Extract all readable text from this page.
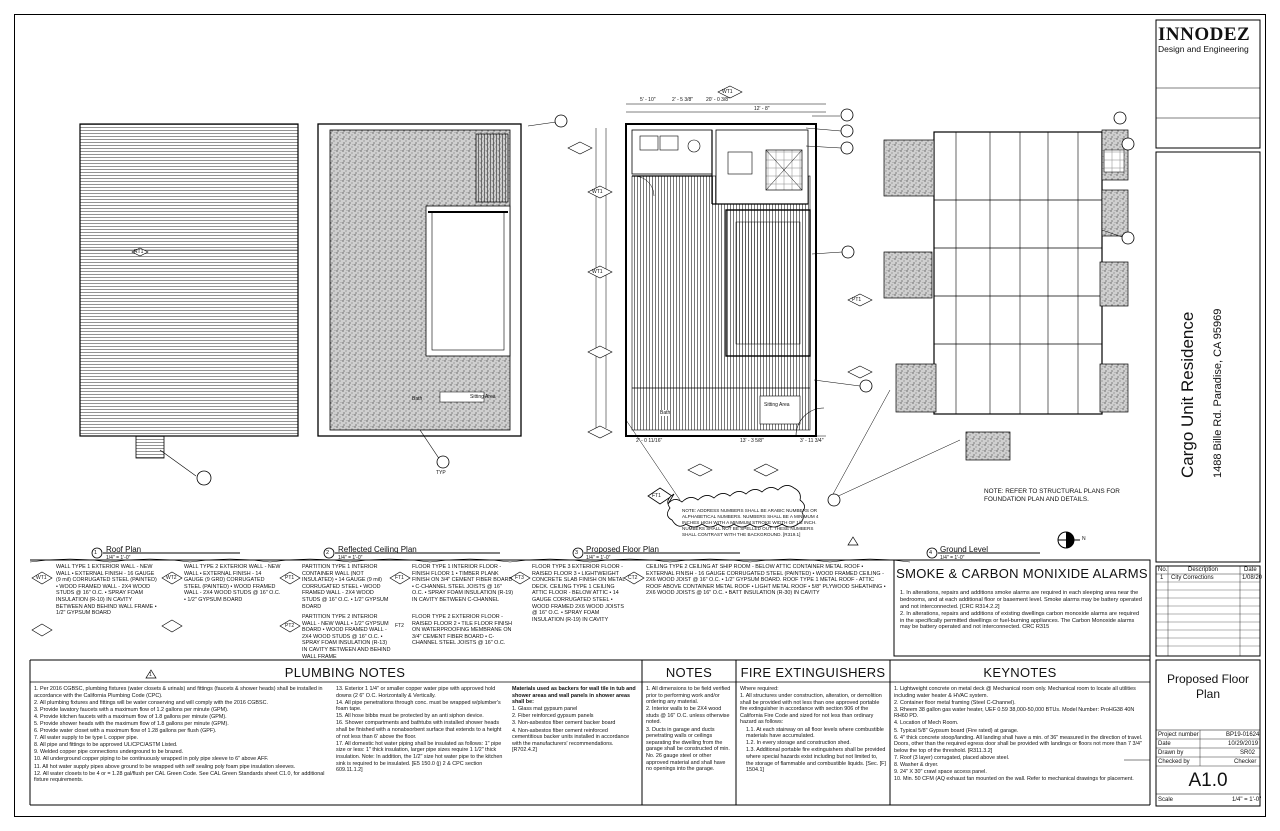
INNODEZ
Design and Engineering
Cargo Unit Residence 1488 Bille Rd. Paradise, CA 95969
No.	Description	Date
1 City Corrections	1/08/20
Proposed Floor Plan
Project number	BP19-01624
Date	10/29/2019
Drawn by	SR02
Checked by	Checker
A1.0
Scale	1/4" = 1'-0"
1 Roof Plan
1/4" = 1'-0"
2 Reflected Ceiling Plan
1/4" = 1'-0"
3 Proposed Floor Plan
1/4" = 1'-0"
4 Ground Level
1/4" = 1'-0"
RT1
Bath	Sitting Area
TYP
Bath
Sitting Area
WT1
WT1
PT1
FT1
WT1
5' - 10"	2' - 5 3/8"	20' - 0 3/8"
12' - 8"
2' - 0 11/16"	13' - 3 5/8"	3' - 11 3/4"
NOTE: ADDRESS NUMBERS SHALL BE ARABIC NUMBERS OR ALPHABETICAL NUMBERS. NUMBERS SHALL BE A MINIMUM 4 INCHES HIGH WITH A MINIMUM STROKE WIDTH OF 1/2 INCH. NUMBERS SHALL NOT BE SPELLED OUT. THESE NUMBERS SHALL CONTRAST WITH THE BACKGROUND. [R319.1]
NOTE: REFER TO STRUCTURAL PLANS FOR FOUNDATION PLAN AND DETAILS.

WALL TYPE 1 EXTERIOR WALL - NEW WALL • EXTERNAL FINISH - 16 GAUGE (9 mil) CORRUGATED STEEL (PAINTED) • WOOD FRAMED WALL - 2X4 WOOD STUDS @ 16" O.C. • SPRAY FOAM INSULATION (R-10) IN CAVITY BETWEEN AND BEHIND WALL FRAME • 1/2" GYPSUM BOARD

WALL TYPE 2 EXTERIOR WALL - NEW WALL • EXTERNAL FINISH - 14 GAUGE (9 GRD) CORRUGATED STEEL (PAINTED) • WOOD FRAMED WALL - 2X4 WOOD STUDS @ 16" O.C. • 1/2" GYPSUM BOARD

PARTITION TYPE 1 INTERIOR CONTAINER WALL (NOT INSULATED) • 14 GAUGE (9 mil) CORRUGATED STEEL • WOOD FRAMED WALL - 2X4 WOOD STUDS @ 16" O.C. • 1/2" GYPSUM BOARD

PARTITION TYPE 2 INTERIOR WALL - NEW WALL • 1/2" GYPSUM BOARD • WOOD FRAMED WALL - 2X4 WOOD STUDS @ 16" O.C. • SPRAY FOAM INSULATION (R-13) IN CAVITY BETWEEN AND BEHIND WALL FRAME

FLOOR TYPE 1 INTERIOR FLOOR - FINISH FLOOR 1 • TIMBER PLANK FINISH ON 3/4" CEMENT FIBER BOARD • C-CHANNEL STEEL JOISTS @ 16" O.C. • SPRAY FOAM INSULATION (R-19) IN CAVITY BETWEEN C-CHANNEL

FLOOR TYPE 2 EXTERIOR FLOOR - RAISED FLOOR 2 • TILE FLOOR FINISH ON WATERPROOFING MEMBRANE ON 3/4" CEMENT FIBER BOARD • C-CHANNEL STEEL JOISTS @ 16" O.C.

FLOOR TYPE 3 EXTERIOR FLOOR - RAISED FLOOR 3 • LIGHTWEIGHT CONCRETE SLAB FINISH ON METAL DECK. CEILING TYPE 1 CEILING ATTIC FLOOR - BELOW ATTIC • 14 GAUGE CORRUGATED STEEL • WOOD FRAMED 2X6 WOOD JOISTS @ 16" O.C. • SPRAY FOAM INSULATION (R-19) IN CAVITY

CEILING TYPE 2 CEILING AT SHIP ROOM - BELOW ATTIC CONTAINER METAL ROOF • EXTERNAL FINISH - 16 GAUGE CORRUGATED STEEL (PAINTED) • WOOD FRAMED CEILING - 2X6 WOOD JOIST @ 16" O.C. • 1/2" GYPSUM BOARD. ROOF TYPE 1 METAL ROOF - ATTIC ROOF ABOVE CONTAINER METAL ROOF • LIGHT METAL ROOF • 5/8" PLYWOOD SHEATHING • 2X6 WOOD JOISTS @ 16" O.C. • BATT INSULATION (R-30) IN CAVITY

WT1	WT2	PT1
PT2
FT1
FT2
FT3	CT2	SMOKE & CARBON MONIXIDE ALARMS

1. In alterations, repairs and additions smoke alarms are required in each sleeping area near the bedrooms, and at each additional floor or basement level. Smoke alarms may be battery operated and not interconnected. [CRC R314.2.2]

2. In alterations, repairs and additions of existing dwellings carbon monoxide alarms are required in the specifically permitted dwellings or fuel-burning appliances. The Carbon Monoxide alarms may be battery operated and not interconnected. CRC R315

PLUMBING NOTES

1. Per 2016 CGBSC, plumbing fixtures (water closets & urinals) and fittings (faucets & shower heads) shall be installed in accordance with the California Plumbing Code (CPC).

2. All plumbing fixtures and fittings will be water conserving and will comply with the 2016 CGBSC.

3. Provide lavatory faucets with a maximum flow of 1.2 gallons per minute (GPM).

4. Provide kitchen faucets with a maximum flow of 1.8 gallons per minute (GPM).

5. Provide shower heads with the maximum flow of 1.8 gallons per minute (GPM).

6. Provide water closet with a maximum flow of 1.28 gallons per flush (GPF).

7. All water supply to be type L copper pipe.

8. All pipe and fittings to be approved UL/CPC/ASTM Listed.

9. Welded copper pipe connections underground to be brazed.

10. All underground copper piping to be continuously wrapped in poly pipe sleeve to 6" above AFF.

11. All hot water supply pipes above ground to be wrapped with self sealing poly foam pipe insulation sleeves.

12. All water closets to be 4 or = 1.28 gal/flush per CAL Green Code. See CAL Green Standards sheet C1.0, for additional fixture requirements.

13. Exterior 1 1/4" or smaller copper water pipe with approved hold downs (2 6" O.C. Horizontally & Vertically.

14. All pipe penetrations through conc. must be wrapped w/plumber's foam tape.

15. All hose bibbs must be protected by an anti siphon device.

16. Shower compartments and bathtubs with installed shower heads shall be finished with a nonabsorbent surface that extends to a height of not less than 6' above the floor.

17. All domestic hot water piping shall be insulated as follows: 1" pipe size or less: 1" thick insulation, larger pipe sizes require 1 1/2" thick insulation. Note: In addition, the 1/2" size hot water pipe to the kitchen sink is required to be insulated. [E5 150.0 (j) 2 & CPC section 609.11.1.2]

Materials used as backers for wall tile in tub and shower areas and wall panels in shower areas shall be:

1. Glass mat gypsum panel

2. Fiber reinforced gypsum panels

3. Non-asbestos fiber cement backer board

4. Non-asbestos fiber cement reinforced cementitious backer units installed in accordance with the manufacturers' recommendations. [R702.4.2]

NOTES

1. All dimensions to be field verified prior to performing work and/or ordering any material.

2. Interior walls to be 2X4 wood studs @ 16" O.C. unless otherwise noted.

3. Ducts in garage and ducts penetrating walls or ceilings separating the dwelling from the garage shall be constructed of min. No. 26 gauge steel or other approved material and shall have no openings into the garage.

FIRE EXTINGUISHERS

Where required:

1. All structures under construction, alteration, or demolition shall be provided with not less than one approved portable fire extinguisher in accordance with section 906 of the California Fire Code and sized for not less than ordinary hazard as follows:

1.1. At each stairway on all floor levels where combustible materials have accumulated.

1.2. In every storage and construction shed.

1.3. Additional portable fire extinguishers shall be provided where special hazards exist including but not limited to, the storage of flammable and combustible liquids. [Sec. [F] 1504.1]

KEYNOTES

1. Lightweight concrete on metal deck @ Mechanical room only. Mechanical room to locate all utilities including water heater & HVAC system.

2. Container floor metal framing (Steel C-Channel).

3. Rheem 38 gallon gas water heater, UEF 0.59 38,000-50,000 BTUs. Model Number: ProHG38 40N RH60 PD.

4. Location of Mech Room.

5. Typical 5/8" Gypsum board (Fire rated) at garage.

6. 4" thick concrete stoop/landing. All landing shall have a min. of 36" measured in the direction of travel. Doors, other than the required egress door shall be provided with landings or floors not more than 7 3/4" below the top of the threshold. [R311.3.2]

7. Roof (3 layer) corrugated, placed above steel.

8. Washer & dryer.

9. 24" X 30" crawl space access panel.

10. Min. 50 CFM (AQ exhaust fan mounted on the wall. Refer to mechanical drawings for placement.

1
N
